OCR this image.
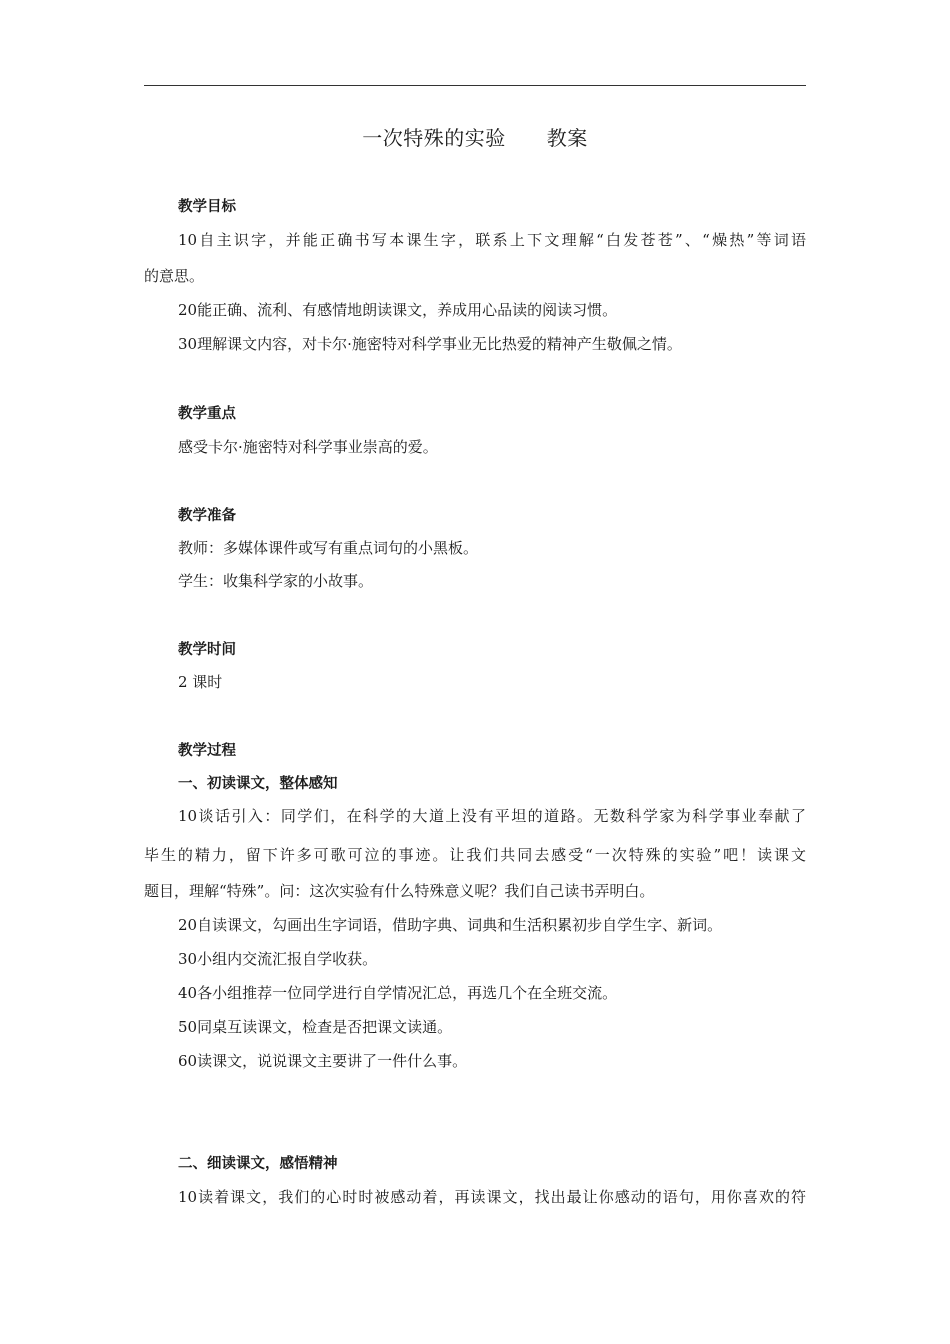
一次特殊的实验　　教案
教学目标
10自主识字，并能正确书写本课生字，联系上下文理解“白发苍苍”、“燥热”等词语
的意思。
20能正确、流利、有感情地朗读课文，养成用心品读的阅读习惯。
30理解课文内容，对卡尔·施密特对科学事业无比热爱的精神产生敬佩之情。
教学重点
感受卡尔·施密特对科学事业崇高的爱。
教学准备
教师：多媒体课件或写有重点词句的小黑板。
学生：收集科学家的小故事。
教学时间
2 课时
教学过程
一、初读课文，整体感知
10谈话引入：同学们，在科学的大道上没有平坦的道路。无数科学家为科学事业奉献了
毕生的精力，留下许多可歌可泣的事迹。让我们共同去感受“一次特殊的实验”吧！读课文
题目，理解“特殊”。问：这次实验有什么特殊意义呢？我们自己读书弄明白。
20自读课文，勾画出生字词语，借助字典、词典和生活积累初步自学生字、新词。
30小组内交流汇报自学收获。
40各小组推荐一位同学进行自学情况汇总，再选几个在全班交流。
50同桌互读课文，检查是否把课文读通。
60读课文，说说课文主要讲了一件什么事。
二、细读课文，感悟精神
10读着课文，我们的心时时被感动着，再读课文，找出最让你感动的语句，用你喜欢的符
